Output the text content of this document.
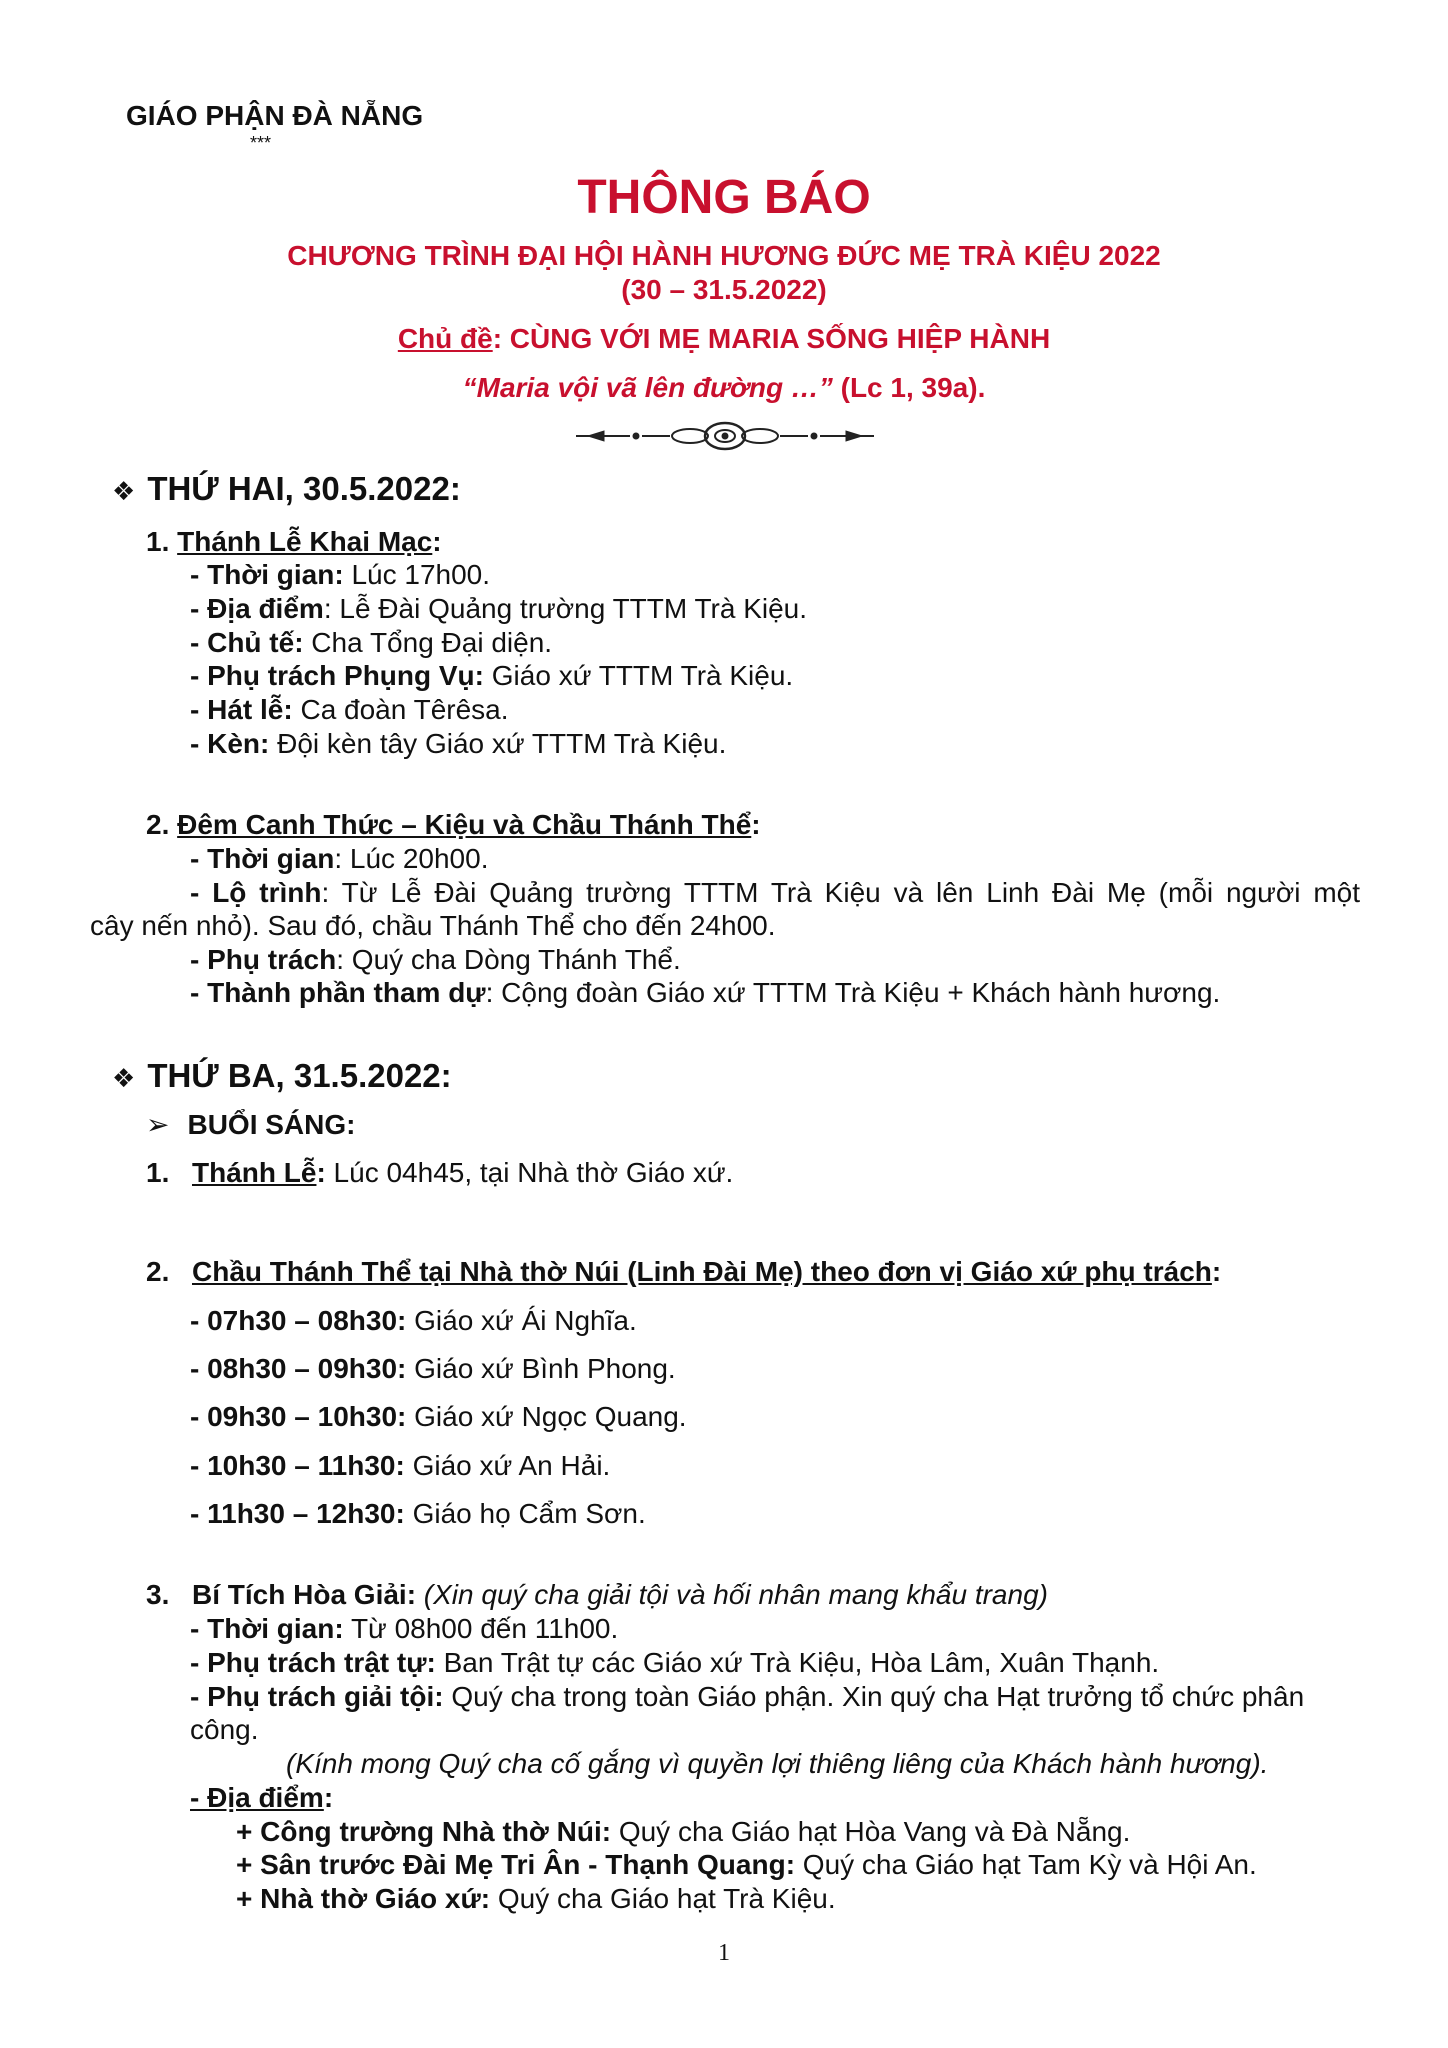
GIÁO PHẬN ĐÀ NẴNG
***
THÔNG BÁO
CHƯƠNG TRÌNH ĐẠI HỘI HÀNH HƯƠNG ĐỨC MẸ TRÀ KIỆU 2022
(30 – 31.5.2022)
Chủ đề: CÙNG VỚI MẸ MARIA SỐNG HIỆP HÀNH
“Maria vội vã lên đường …” (Lc 1, 39a).
❖ THỨ HAI, 30.5.2022:
1. Thánh Lễ Khai Mạc:
- Thời gian: Lúc 17h00.
- Địa điểm: Lễ Đài Quảng trường TTTM Trà Kiệu.
- Chủ tế: Cha Tổng Đại diện.
- Phụ trách Phụng Vụ: Giáo xứ TTTM Trà Kiệu.
- Hát lễ: Ca đoàn Têrêsa.
- Kèn: Đội kèn tây Giáo xứ TTTM Trà Kiệu.
2. Đêm Canh Thức – Kiệu và Chầu Thánh Thể:
- Thời gian: Lúc 20h00.
- Lộ trình: Từ Lễ Đài Quảng trường TTTM Trà Kiệu và lên Linh Đài Mẹ (mỗi người một
cây nến nhỏ). Sau đó, chầu Thánh Thể cho đến 24h00.
- Phụ trách: Quý cha Dòng Thánh Thể.
- Thành phần tham dự: Cộng đoàn Giáo xứ TTTM Trà Kiệu + Khách hành hương.
❖ THỨ BA, 31.5.2022:
➢ BUỔI SÁNG:
1. Thánh Lễ: Lúc 04h45, tại Nhà thờ Giáo xứ.
2. Chầu Thánh Thể tại Nhà thờ Núi (Linh Đài Mẹ) theo đơn vị Giáo xứ phụ trách:
- 07h30 – 08h30: Giáo xứ Ái Nghĩa.
- 08h30 – 09h30: Giáo xứ Bình Phong.
- 09h30 – 10h30: Giáo xứ Ngọc Quang.
- 10h30 – 11h30: Giáo xứ An Hải.
- 11h30 – 12h30: Giáo họ Cẩm Sơn.
3. Bí Tích Hòa Giải: (Xin quý cha giải tội và hối nhân mang khẩu trang)
- Thời gian: Từ 08h00 đến 11h00.
- Phụ trách trật tự: Ban Trật tự các Giáo xứ Trà Kiệu, Hòa Lâm, Xuân Thạnh.
- Phụ trách giải tội: Quý cha trong toàn Giáo phận. Xin quý cha Hạt trưởng tổ chức phân
công.
(Kính mong Quý cha cố gắng vì quyền lợi thiêng liêng của Khách hành hương).
- Địa điểm:
+ Công trường Nhà thờ Núi: Quý cha Giáo hạt Hòa Vang và Đà Nẵng.
+ Sân trước Đài Mẹ Tri Ân - Thạnh Quang: Quý cha Giáo hạt Tam Kỳ và Hội An.
+ Nhà thờ Giáo xứ: Quý cha Giáo hạt Trà Kiệu.
1
